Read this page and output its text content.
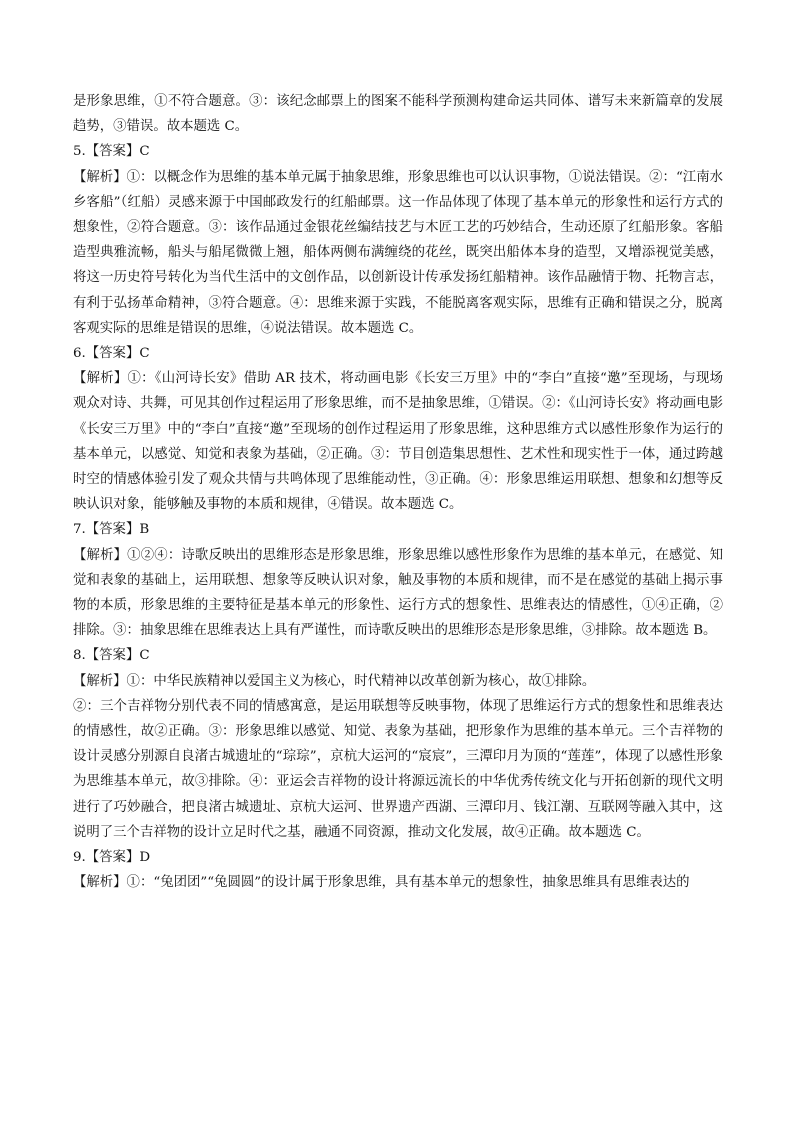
是形象思维，①不符合题意。③：该纪念邮票上的图案不能科学预测构建命运共同体、谱写未来新篇章的发展趋势，③错误。故本题选 C。

5.【答案】C

【解析】①：以概念作为思维的基本单元属于抽象思维，形象思维也可以认识事物，①说法错误。②：“江南水乡客船”（红船）灵感来源于中国邮政发行的红船邮票。这一作品体现了体现了基本单元的形象性和运行方式的想象性，②符合题意。③：该作品通过金银花丝编结技艺与木匠工艺的巧妙结合，生动还原了红船形象。客船造型典雅流畅，船头与船尾微微上翘，船体两侧布满缠绕的花丝，既突出船体本身的造型，又增添视觉美感，将这一历史符号转化为当代生活中的文创作品，以创新设计传承发扬红船精神。该作品融情于物、托物言志，有利于弘扬革命精神，③符合题意。④：思维来源于实践，不能脱离客观实际，思维有正确和错误之分，脱离客观实际的思维是错误的思维，④说法错误。故本题选 C。

6.【答案】C

【解析】①：《山河诗长安》借助 AR 技术，将动画电影《长安三万里》中的“李白”直接“邀”至现场，与现场观众对诗、共舞，可见其创作过程运用了形象思维，而不是抽象思维，①错误。②：《山河诗长安》将动画电影《长安三万里》中的“李白”直接“邀”至现场的创作过程运用了形象思维，这种思维方式以感性形象作为运行的基本单元，以感觉、知觉和表象为基础，②正确。③：节目创造集思想性、艺术性和现实性于一体，通过跨越时空的情感体验引发了观众共情与共鸣体现了思维能动性，③正确。④：形象思维运用联想、想象和幻想等反映认识对象，能够触及事物的本质和规律，④错误。故本题选 C。

7.【答案】B

【解析】①②④：诗歌反映出的思维形态是形象思维，形象思维以感性形象作为思维的基本单元，在感觉、知觉和表象的基础上，运用联想、想象等反映认识对象，触及事物的本质和规律，而不是在感觉的基础上揭示事物的本质，形象思维的主要特征是基本单元的形象性、运行方式的想象性、思维表达的情感性，①④正确，②排除。③：抽象思维在思维表达上具有严谨性，而诗歌反映出的思维形态是形象思维，③排除。故本题选 B。

8.【答案】C

【解析】①：中华民族精神以爱国主义为核心，时代精神以改革创新为核心，故①排除。

②：三个吉祥物分别代表不同的情感寓意，是运用联想等反映事物，体现了思维运行方式的想象性和思维表达的情感性，故②正确。③：形象思维以感觉、知觉、表象为基础，把形象作为思维的基本单元。三个吉祥物的设计灵感分别源自良渚古城遗址的“琮琮”，京杭大运河的“宸宸”，三潭印月为顶的“莲莲”，体现了以感性形象为思维基本单元，故③排除。④：亚运会吉祥物的设计将源远流长的中华优秀传统文化与开拓创新的现代文明进行了巧妙融合，把良渚古城遗址、京杭大运河、世界遗产西湖、三潭印月、钱江潮、互联网等融入其中，这说明了三个吉祥物的设计立足时代之基，融通不同资源，推动文化发展，故④正确。故本题选 C。

9.【答案】D

【解析】①：“兔团团”“兔圆圆”的设计属于形象思维，具有基本单元的想象性，抽象思维具有思维表达的
